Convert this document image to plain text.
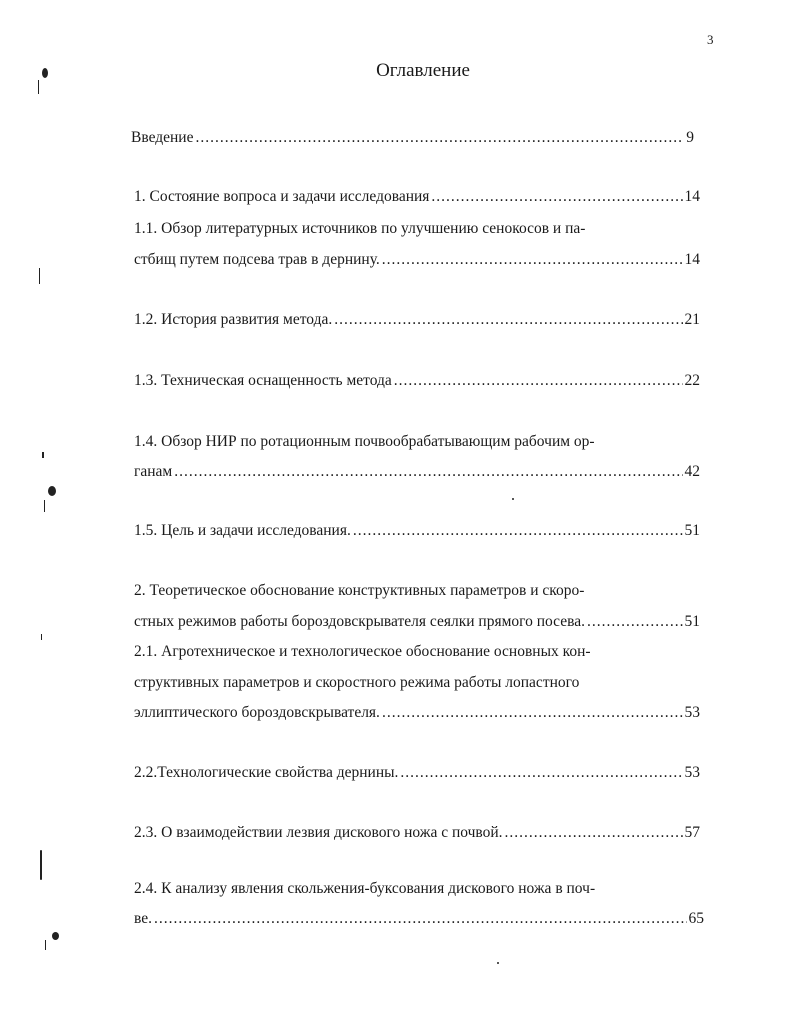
3
Оглавление
Введение .....	9
1. Состояние вопроса и задачи исследования .....	14
1.1. Обзор литературных источников по улучшению сенокосов и па-
стбищ путем подсева трав в дернину. .....	14
1.2. История развития метода. .....	21
1.3. Техническая оснащенность метода .....	22
1.4. Обзор НИР по ротационным почвообрабатывающим рабочим ор-
ганам .....	42
1.5. Цель и задачи исследования. .....	51
2. Теоретическое обоснование конструктивных параметров и скоро-
стных режимов работы бороздовскрывателя сеялки прямого посева. .....	51
2.1. Агротехническое и технологическое обоснование основных кон-
структивных параметров и скоростного режима работы лопастного
эллиптического бороздовскрывателя. .....	53
2.2.Технологические свойства дернины. .....	53
2.3. О взаимодействии лезвия дискового ножа с почвой. .....	57
2.4. К анализу явления скольжения-буксования дискового ножа в поч-
ве. .....	65
